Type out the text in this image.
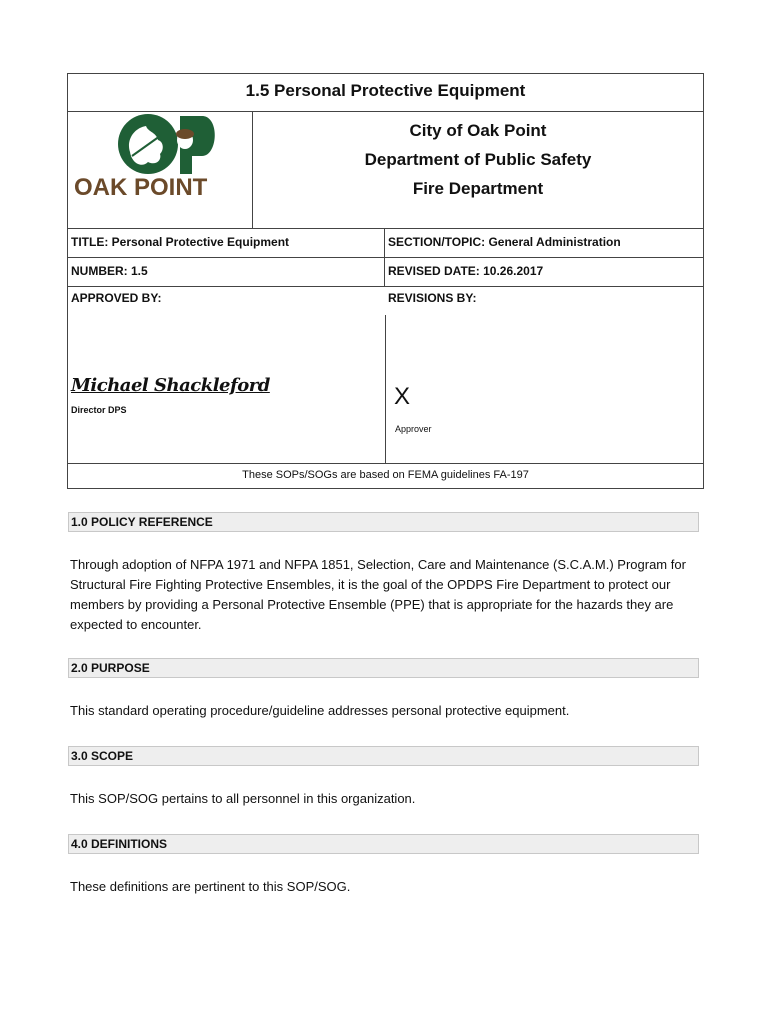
1.5 Personal Protective Equipment
OAK POINT
City of Oak Point
Department of Public Safety
Fire Department
TITLE: Personal Protective Equipment	SECTION/TOPIC: General Administration
NUMBER: 1.5	REVISED DATE: 10.26.2017
APPROVED BY:
Michael Shackleford
Director DPS
REVISIONS BY:
X
Approver
These SOPs/SOGs are based on FEMA guidelines FA-197
1.0 POLICY REFERENCE
Through adoption of NFPA 1971 and NFPA 1851, Selection, Care and Maintenance (S.C.A.M.) Program for Structural Fire Fighting Protective Ensembles, it is the goal of the OPDPS Fire Department to protect our members by providing a Personal Protective Ensemble (PPE) that is appropriate for the hazards they are expected to encounter.
2.0 PURPOSE
This standard operating procedure/guideline addresses personal protective equipment.
3.0 SCOPE
This SOP/SOG pertains to all personnel in this organization.
4.0 DEFINITIONS
These definitions are pertinent to this SOP/SOG.
